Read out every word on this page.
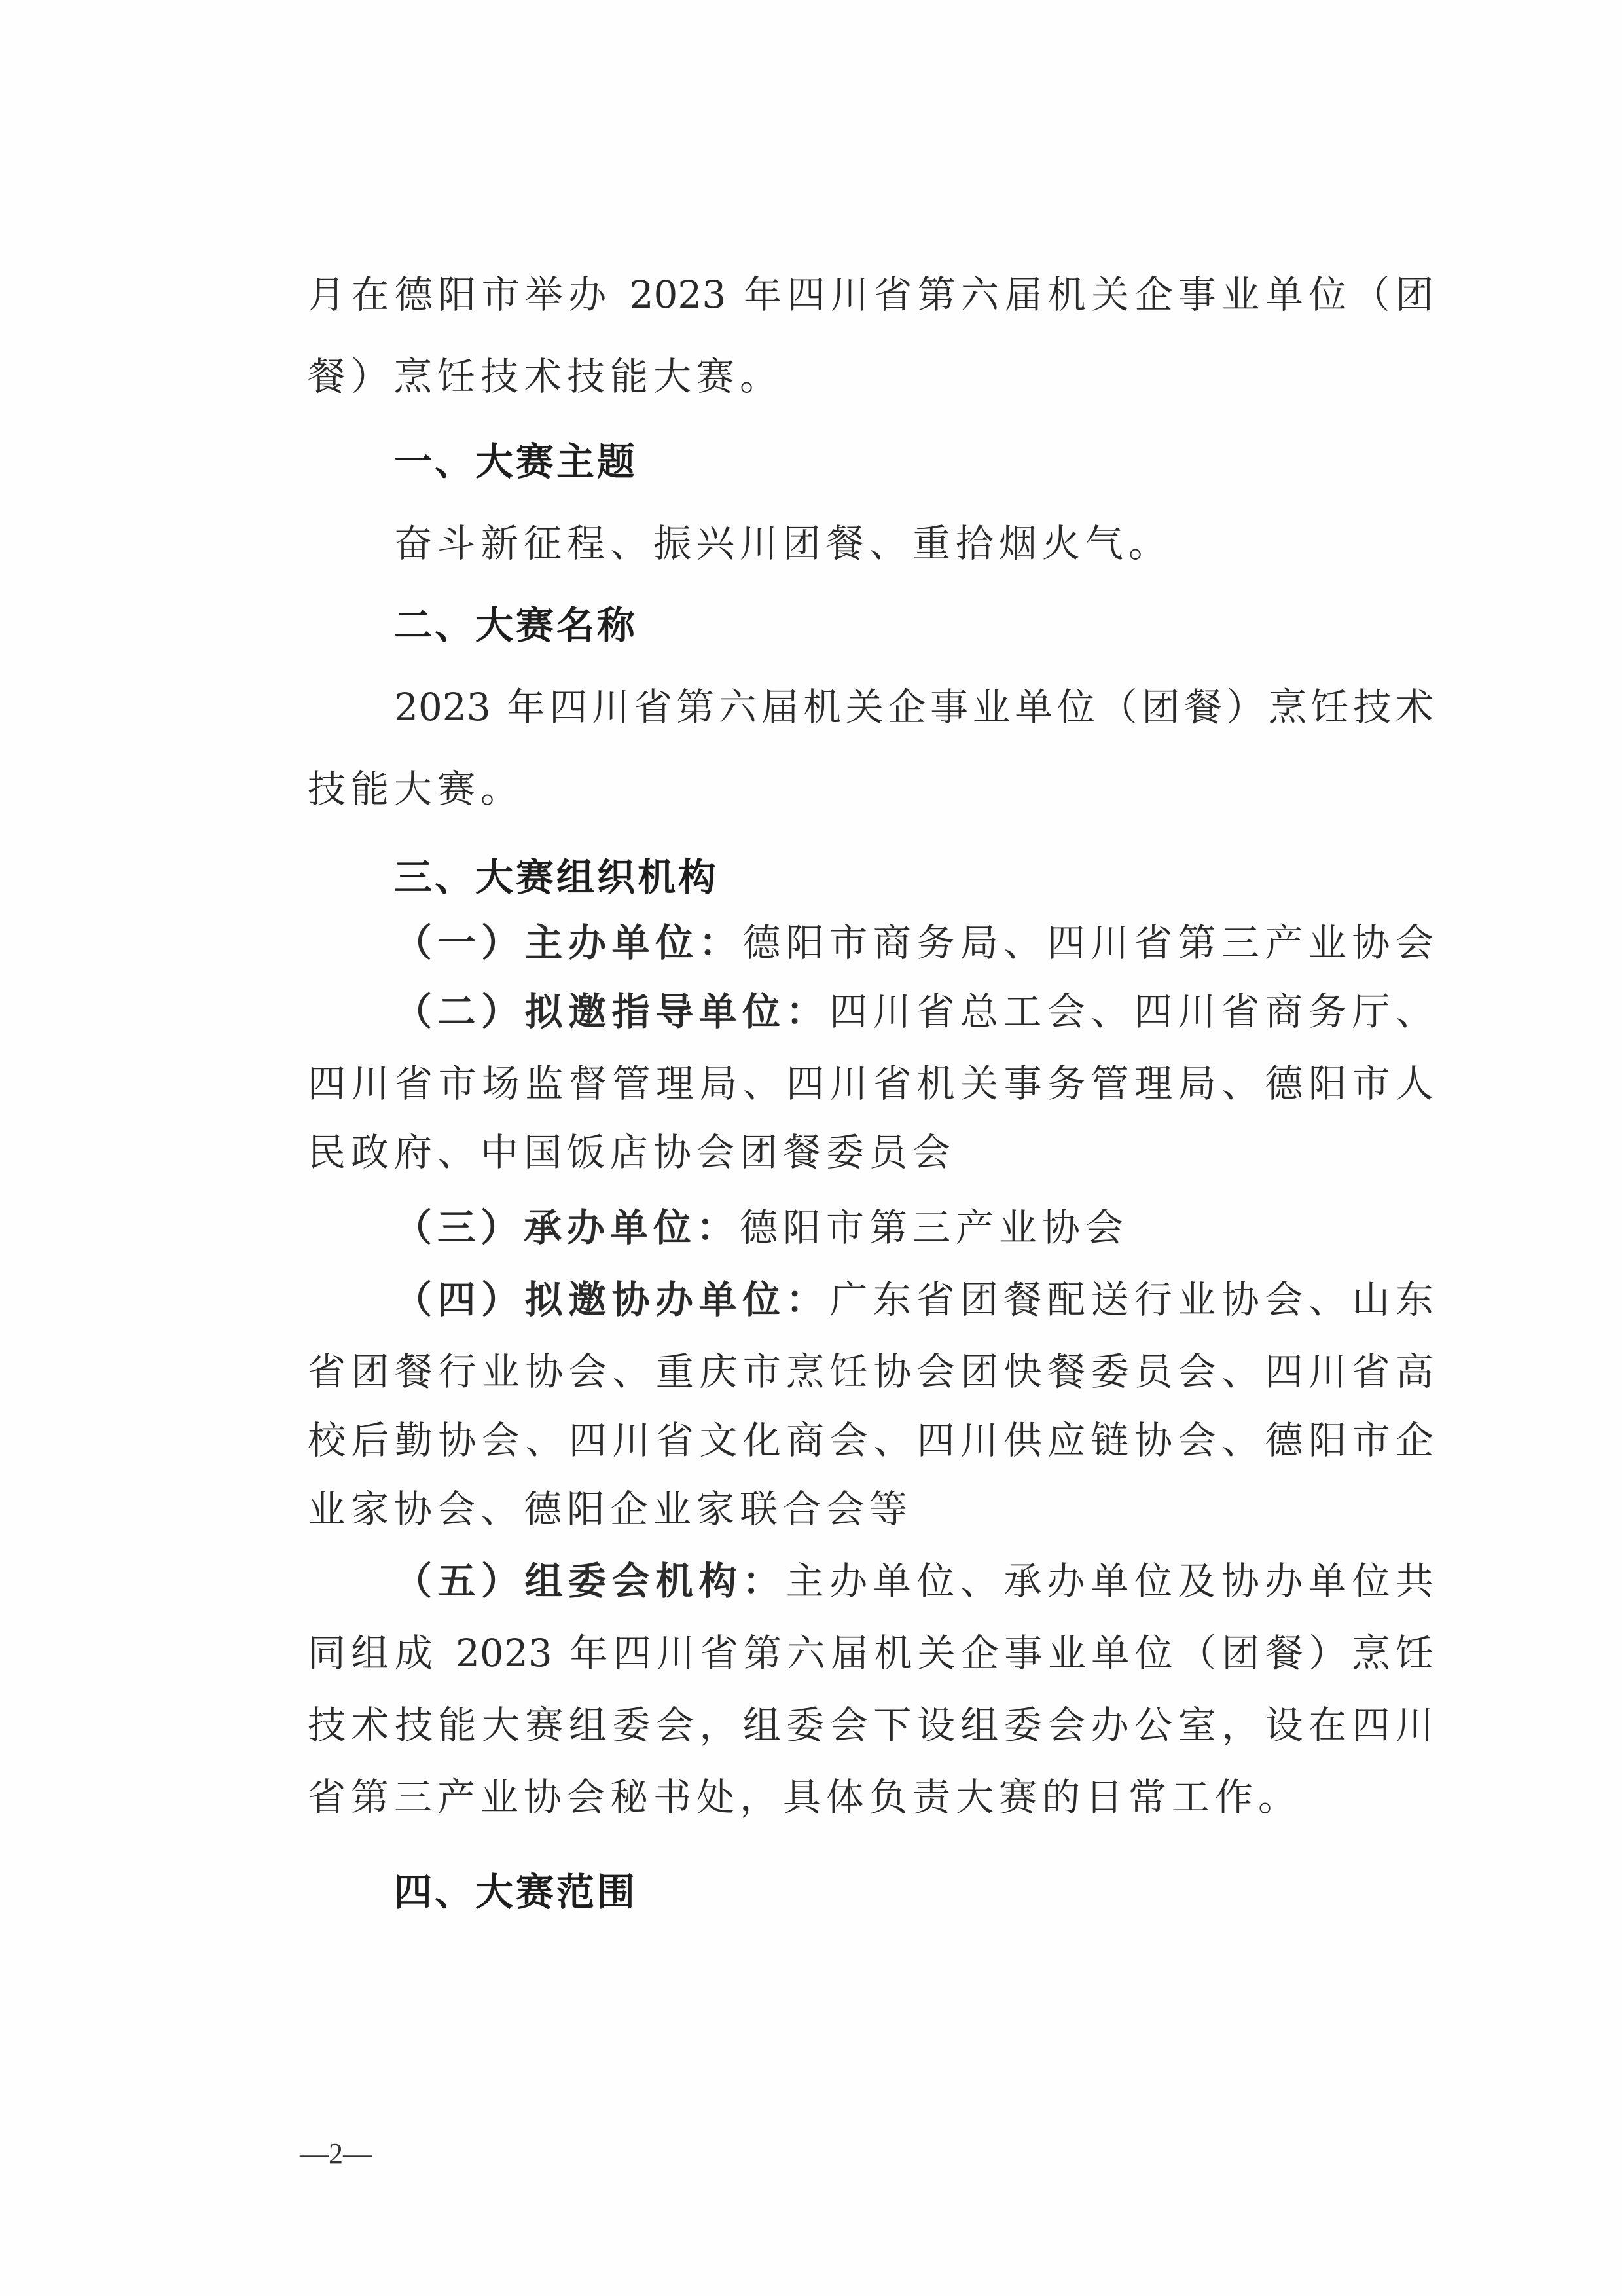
月在德阳市举办 2023 年四川省第六届机关企事业单位（团
餐）烹饪技术技能大赛。
一、大赛主题
奋斗新征程、振兴川团餐、重拾烟火气。
二、大赛名称
2023 年四川省第六届机关企事业单位（团餐）烹饪技术
技能大赛。
三、大赛组织机构
（一）主办单位：德阳市商务局、四川省第三产业协会
（二）拟邀指导单位：四川省总工会、四川省商务厅、
四川省市场监督管理局、四川省机关事务管理局、德阳市人
民政府、中国饭店协会团餐委员会
（三）承办单位：德阳市第三产业协会
（四）拟邀协办单位：广东省团餐配送行业协会、山东
省团餐行业协会、重庆市烹饪协会团快餐委员会、四川省高
校后勤协会、四川省文化商会、四川供应链协会、德阳市企
业家协会、德阳企业家联合会等
（五）组委会机构：主办单位、承办单位及协办单位共
同组成 2023 年四川省第六届机关企事业单位（团餐）烹饪
技术技能大赛组委会，组委会下设组委会办公室，设在四川
省第三产业协会秘书处，具体负责大赛的日常工作。
四、大赛范围
—2—
